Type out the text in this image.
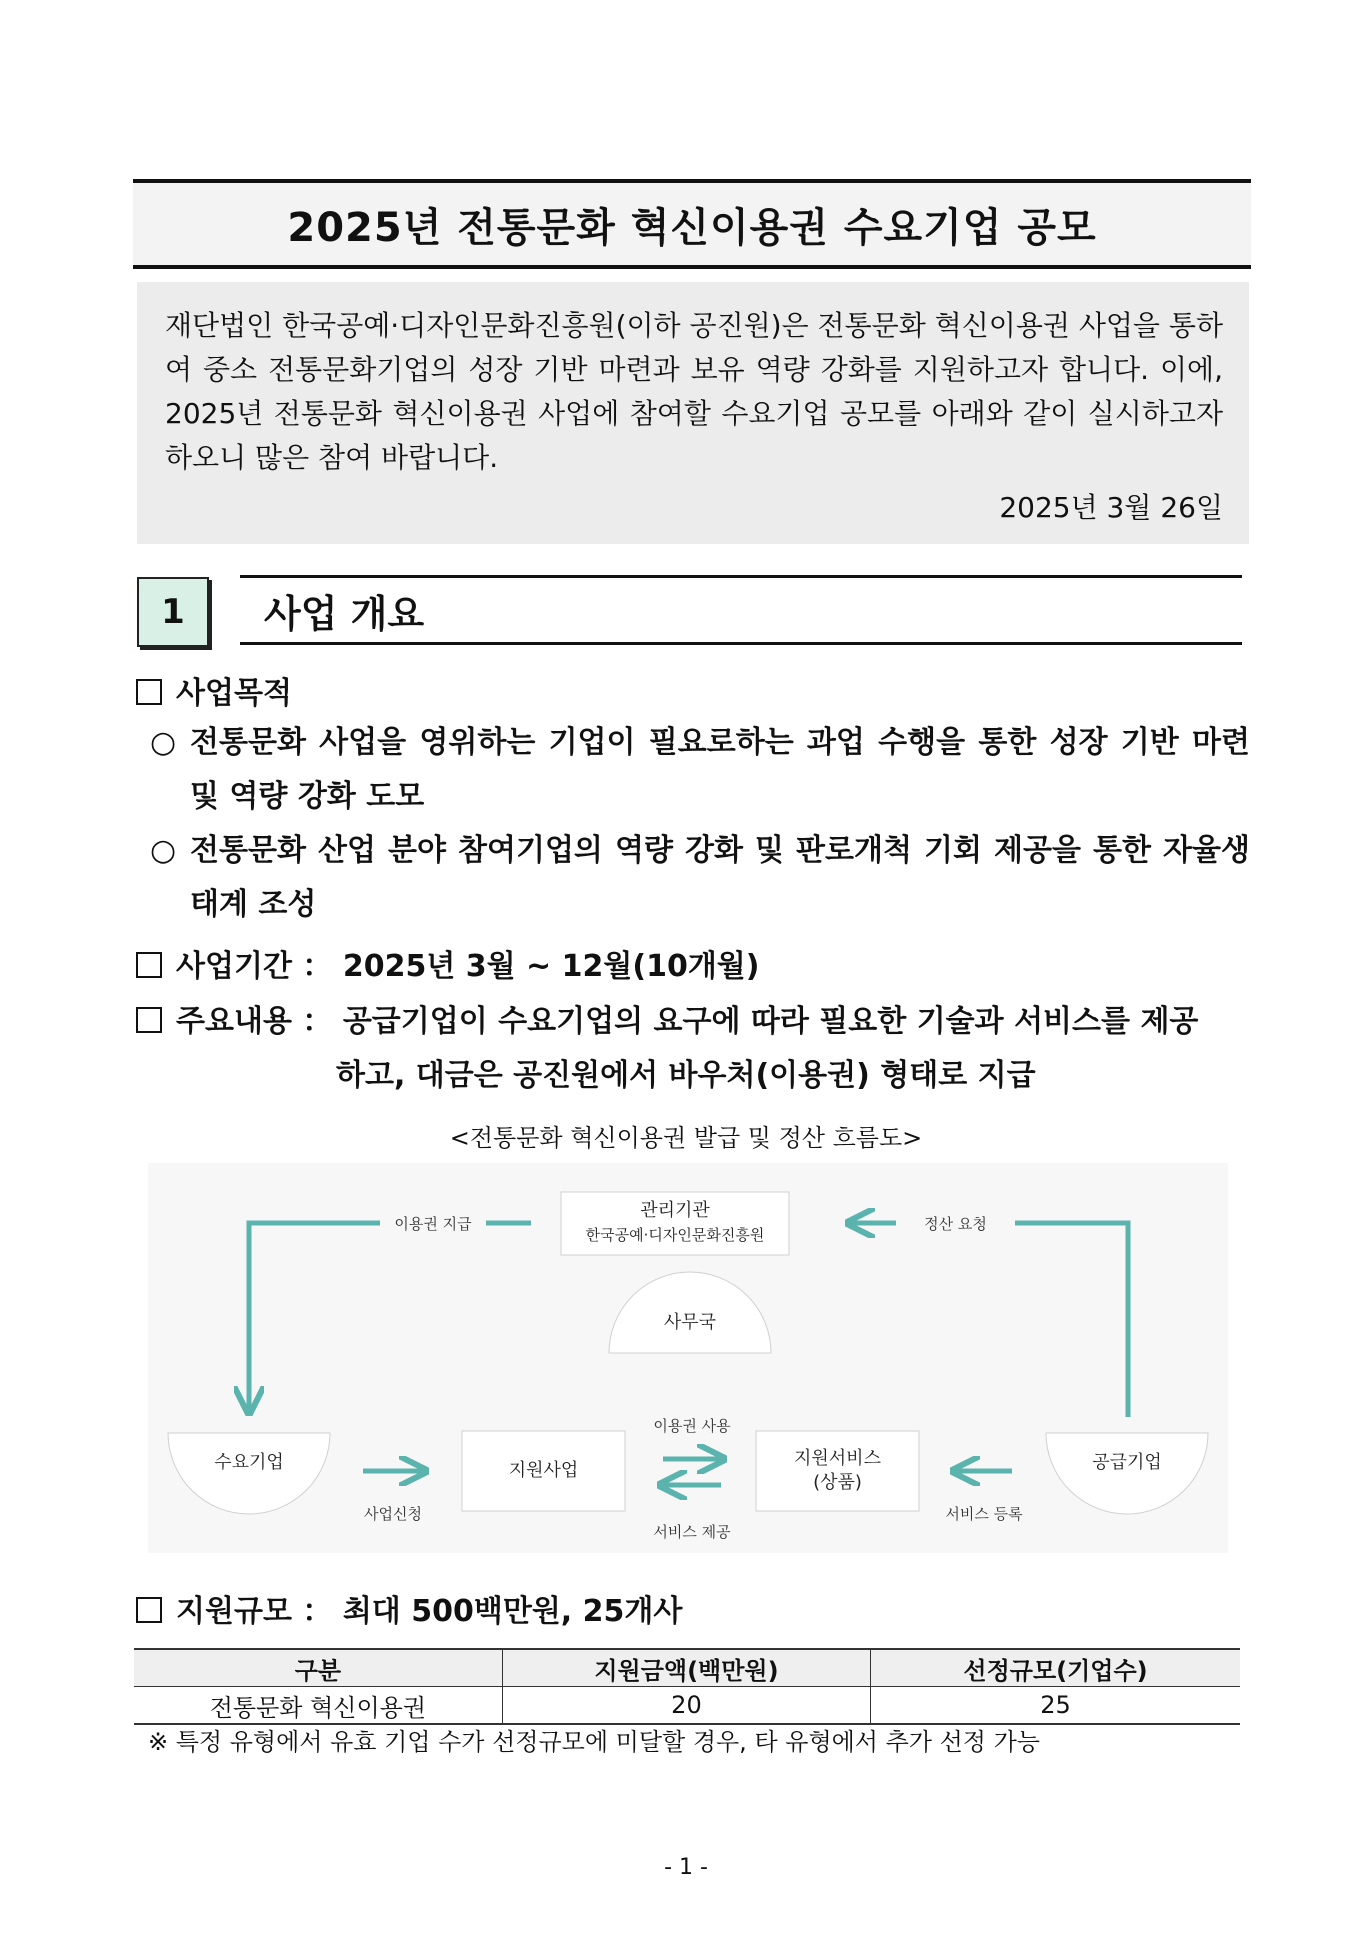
2025년 전통문화 혁신이용권 수요기업 공모

재단법인 한국공예·디자인문화진흥원(이하 공진원)은 전통문화 혁신이용권 사업을 통하여 중소 전통문화기업의 성장 기반 마련과 보유 역량 강화를 지원하고자 합니다. 이에, 2025년 전통문화 혁신이용권 사업에 참여할 수요기업 공모를 아래와 같이 실시하고자 하오니 많은 참여 바랍니다.

2025년 3월 26일
1	사업 개요
사업목적
○ 전통문화 사업을 영위하는 기업이 필요로하는 과업 수행을 통한 성장 기반 마련 및 역량 강화 도모
○ 전통문화 산업 분야 참여기업의 역량 강화 및 판로개척 기회 제공을 통한 자율생태계 조성
사업기간 ： 2025년 3월 ~ 12월(10개월)
주요내용 ： 공급기업이 수요기업의 요구에 따라 필요한 기술과 서비스를 제공
하고, 대금은 공진원에서 바우처(이용권) 형태로 지급
<전통문화 혁신이용권 발급 및 정산 흐름도>
관리기관
한국공예·디자인문화진흥원
사무국
수요기업	지원사업
지원서비스
(상품)
공급기업
이용권 지급	정산 요청
사업신청
이용권 사용
서비스 제공
서비스 등록
지원규모 ： 최대 500백만원, 25개사
구분	지원금액(백만원)	선정규모(기업수)
전통문화 혁신이용권	20	25
※ 특정 유형에서 유효 기업 수가 선정규모에 미달할 경우, 타 유형에서 추가 선정 가능
- 1 -
